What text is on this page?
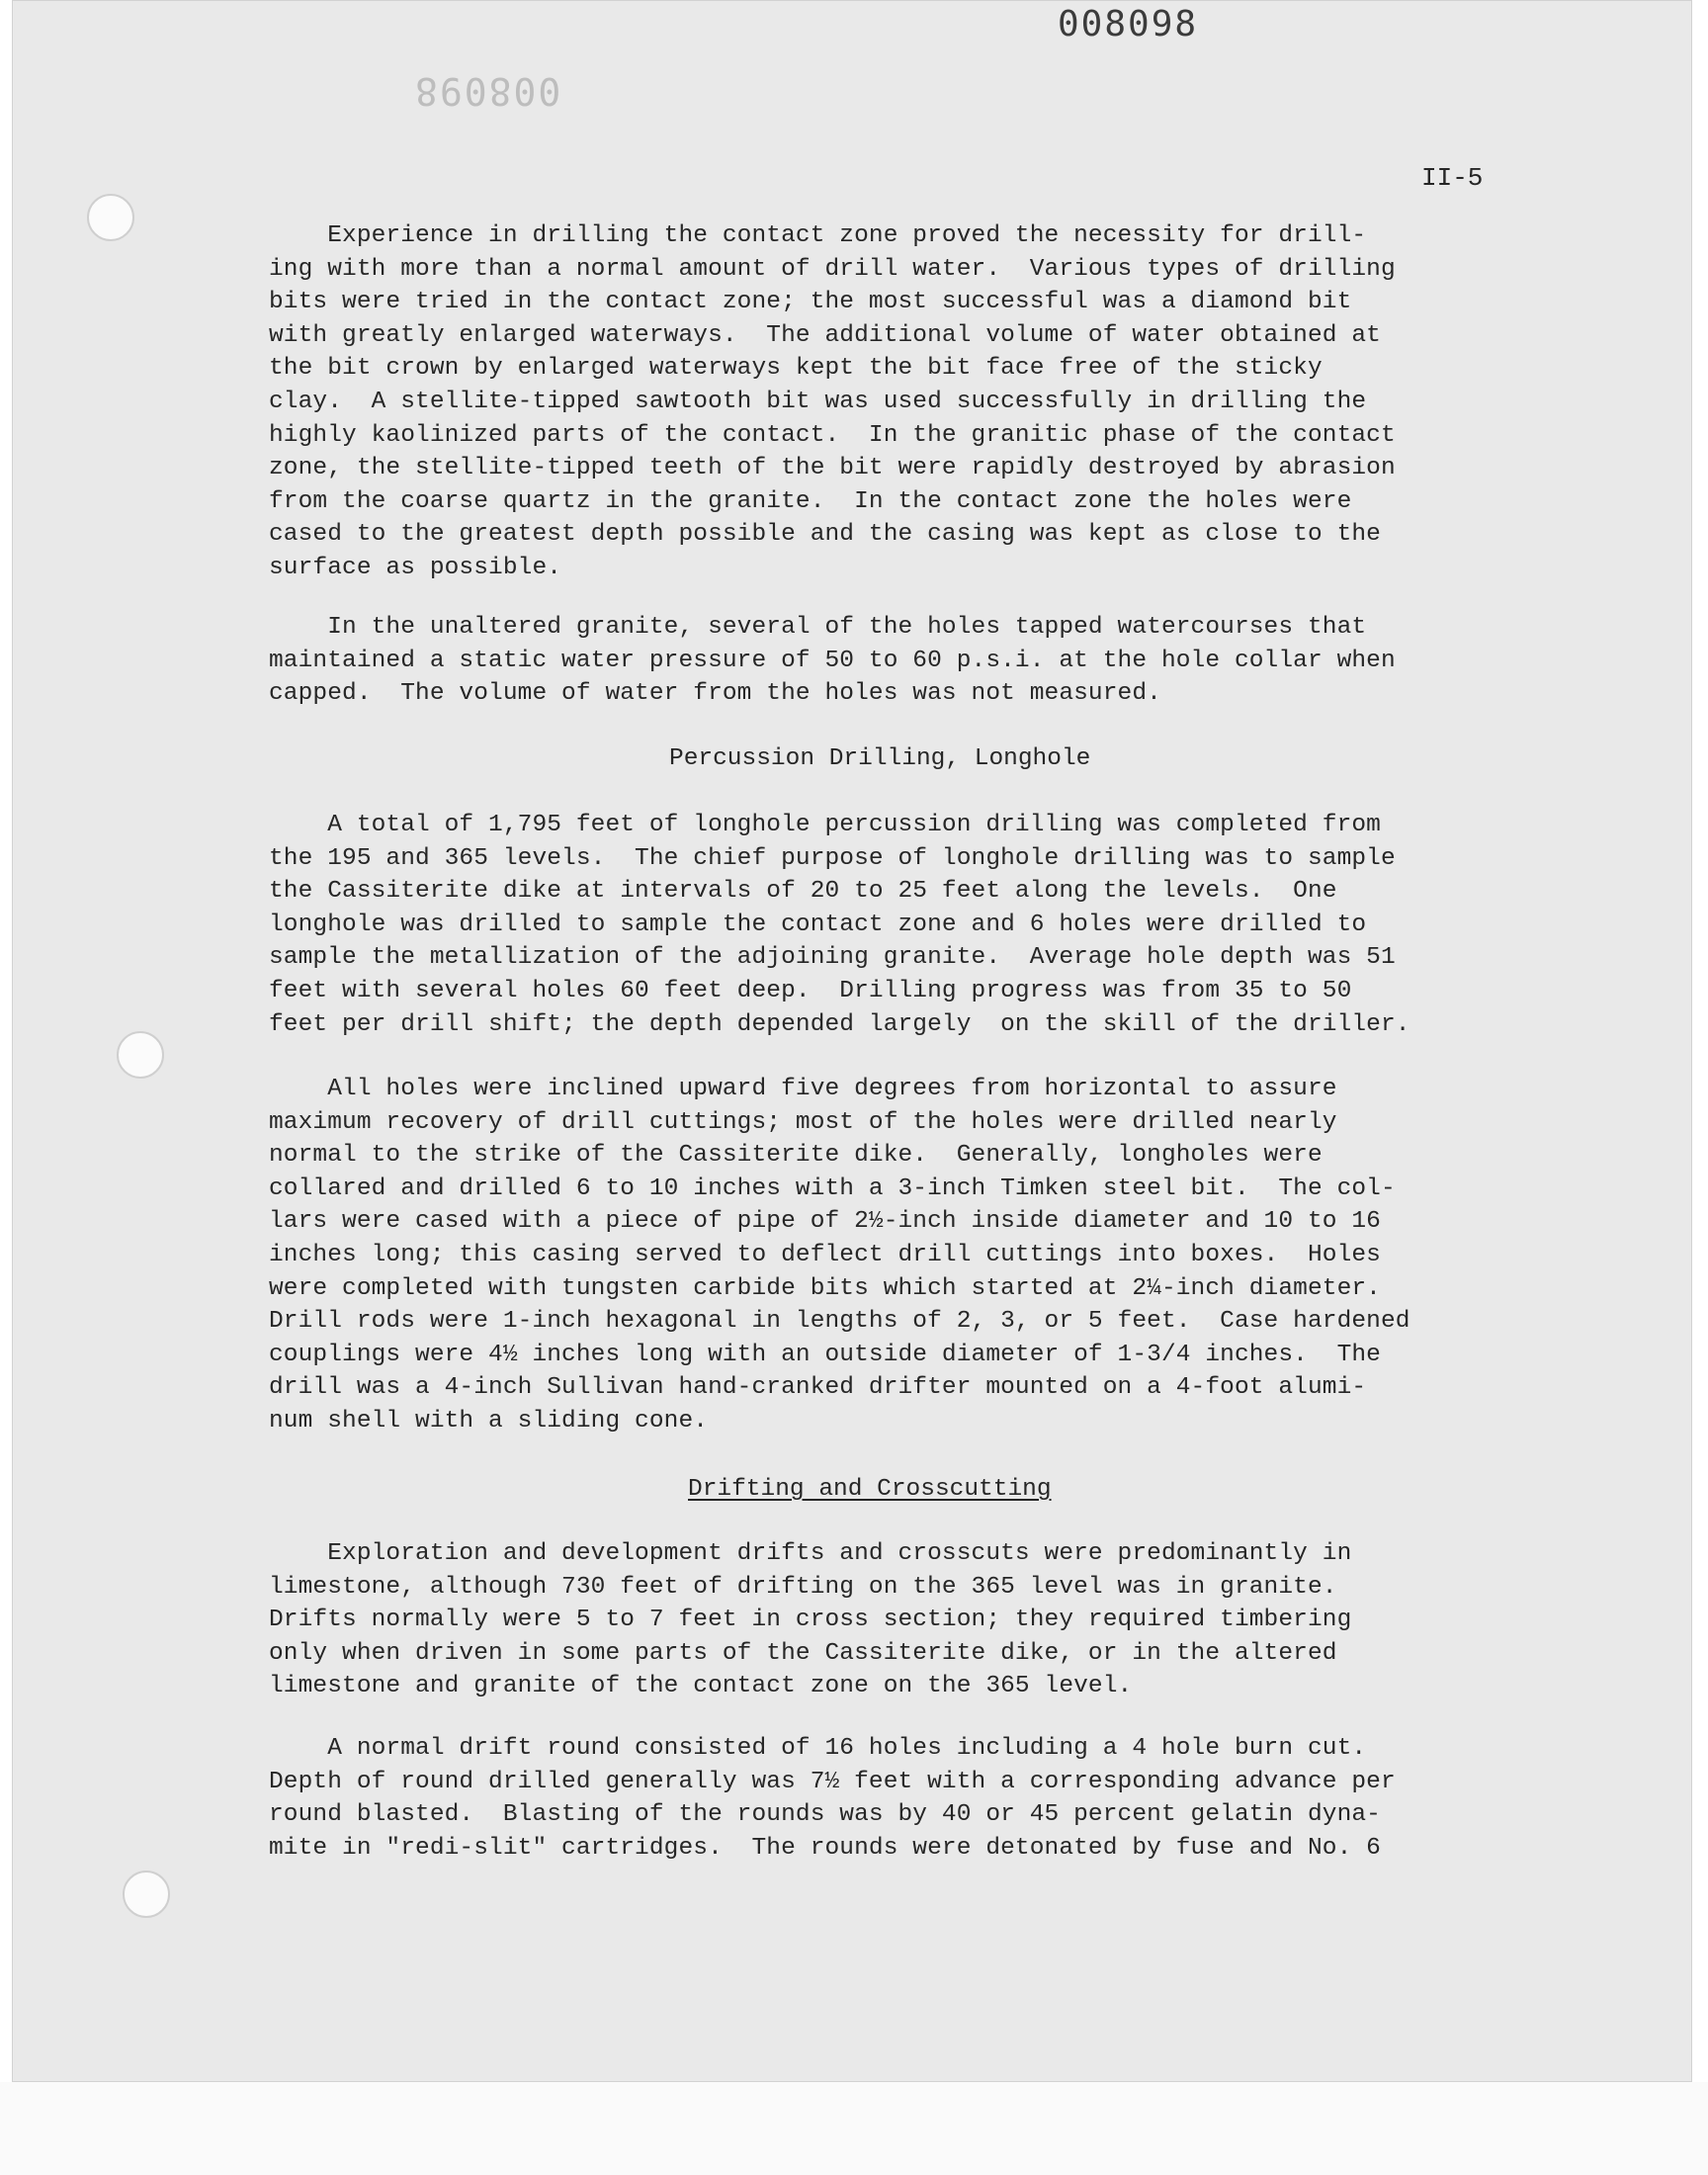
008098
008098
II-5
Experience in drilling the contact zone proved the necessity for drill-
ing with more than a normal amount of drill water.  Various types of drilling
bits were tried in the contact zone; the most successful was a diamond bit
with greatly enlarged waterways.  The additional volume of water obtained at
the bit crown by enlarged waterways kept the bit face free of the sticky
clay.  A stellite-tipped sawtooth bit was used successfully in drilling the
highly kaolinized parts of the contact.  In the granitic phase of the contact
zone, the stellite-tipped teeth of the bit were rapidly destroyed by abrasion
from the coarse quartz in the granite.  In the contact zone the holes were
cased to the greatest depth possible and the casing was kept as close to the
surface as possible.
In the unaltered granite, several of the holes tapped watercourses that
maintained a static water pressure of 50 to 60 p.s.i. at the hole collar when
capped.  The volume of water from the holes was not measured.
Percussion Drilling, Longhole
A total of 1,795 feet of longhole percussion drilling was completed from
the 195 and 365 levels.  The chief purpose of longhole drilling was to sample
the Cassiterite dike at intervals of 20 to 25 feet along the levels.  One
longhole was drilled to sample the contact zone and 6 holes were drilled to
sample the metallization of the adjoining granite.  Average hole depth was 51
feet with several holes 60 feet deep.  Drilling progress was from 35 to 50
feet per drill shift; the depth depended largely  on the skill of the driller.
All holes were inclined upward five degrees from horizontal to assure
maximum recovery of drill cuttings; most of the holes were drilled nearly
normal to the strike of the Cassiterite dike.  Generally, longholes were
collared and drilled 6 to 10 inches with a 3-inch Timken steel bit.  The col-
lars were cased with a piece of pipe of 2½-inch inside diameter and 10 to 16
inches long; this casing served to deflect drill cuttings into boxes.  Holes
were completed with tungsten carbide bits which started at 2¼-inch diameter.
Drill rods were 1-inch hexagonal in lengths of 2, 3, or 5 feet.  Case hardened
couplings were 4½ inches long with an outside diameter of 1-3/4 inches.  The
drill was a 4-inch Sullivan hand-cranked drifter mounted on a 4-foot alumi-
num shell with a sliding cone.
Drifting and Crosscutting
Exploration and development drifts and crosscuts were predominantly in
limestone, although 730 feet of drifting on the 365 level was in granite.
Drifts normally were 5 to 7 feet in cross section; they required timbering
only when driven in some parts of the Cassiterite dike, or in the altered
limestone and granite of the contact zone on the 365 level.
A normal drift round consisted of 16 holes including a 4 hole burn cut.
Depth of round drilled generally was 7½ feet with a corresponding advance per
round blasted.  Blasting of the rounds was by 40 or 45 percent gelatin dyna-
mite in "redi-slit" cartridges.  The rounds were detonated by fuse and No. 6
